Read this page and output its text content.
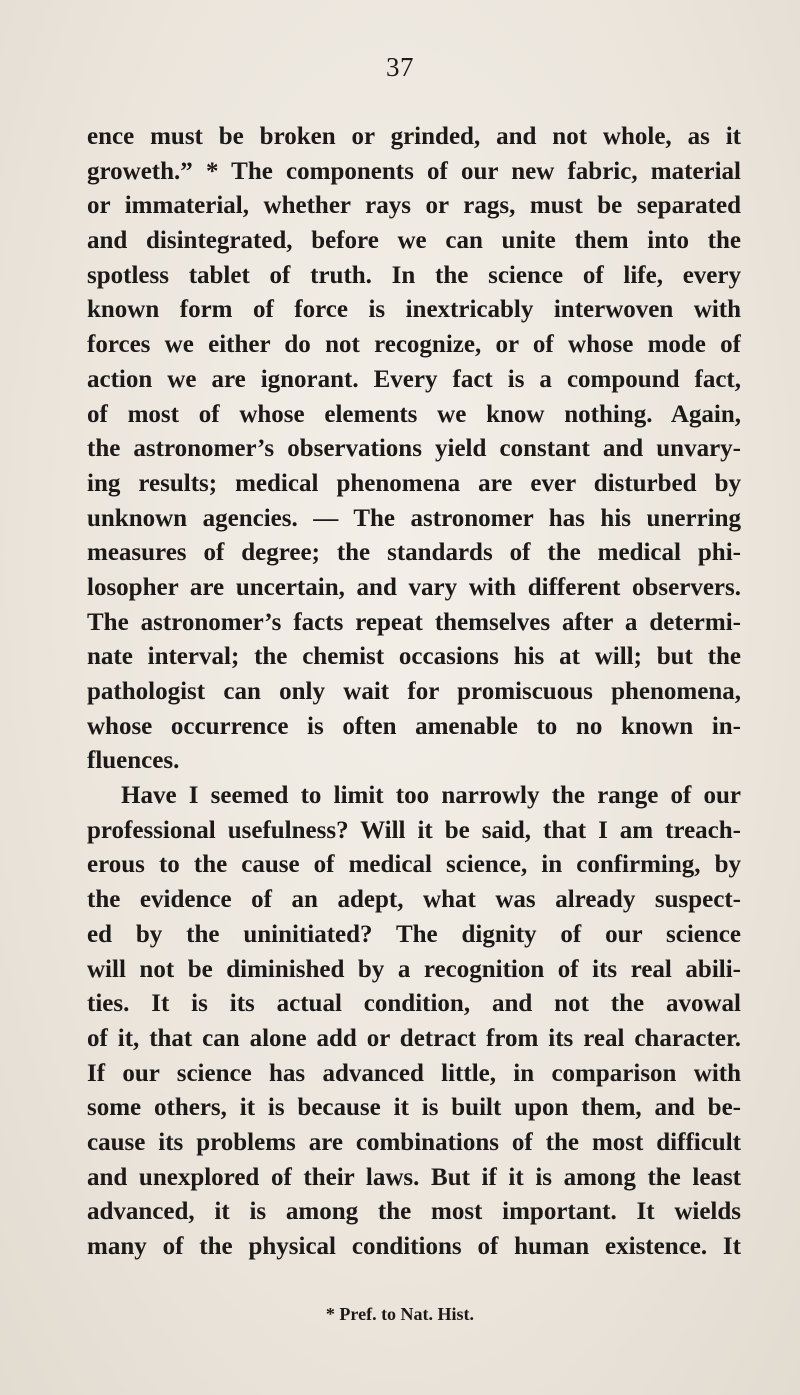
37
ence must be broken or grinded, and not whole, as it
groweth.” * The components of our new fabric, material
or immaterial, whether rays or rags, must be separated
and disintegrated, before we can unite them into the
spotless tablet of truth. In the science of life, every
known form of force is inextricably interwoven with
forces we either do not recognize, or of whose mode of
action we are ignorant. Every fact is a compound fact,
of most of whose elements we know nothing. Again,
the astronomer’s observations yield constant and unvary-
ing results; medical phenomena are ever disturbed by
unknown agencies. — The astronomer has his unerring
measures of degree; the standards of the medical phi-
losopher are uncertain, and vary with different observers.
The astronomer’s facts repeat themselves after a determi-
nate interval; the chemist occasions his at will; but the
pathologist can only wait for promiscuous phenomena,
whose occurrence is often amenable to no known in-
fluences.
Have I seemed to limit too narrowly the range of our
professional usefulness? Will it be said, that I am treach-
erous to the cause of medical science, in confirming, by
the evidence of an adept, what was already suspect-
ed by the uninitiated? The dignity of our science
will not be diminished by a recognition of its real abili-
ties. It is its actual condition, and not the avowal
of it, that can alone add or detract from its real character.
If our science has advanced little, in comparison with
some others, it is because it is built upon them, and be-
cause its problems are combinations of the most difficult
and unexplored of their laws. But if it is among the least
advanced, it is among the most important. It wields
many of the physical conditions of human existence. It
* Pref. to Nat. Hist.
